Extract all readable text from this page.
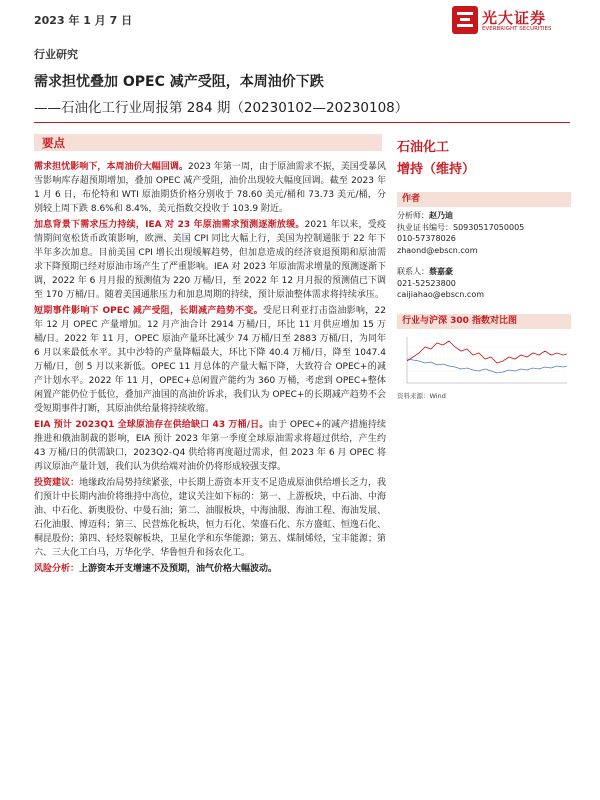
2023 年 1 月 7 日	光大证券
EVERBRIGHT SECURITIES
行业研究
需求担忧叠加 OPEC 减产受阻，本周油价下跌
——石油化工行业周报第 284 期（20230102—20230108）
要点

需求担忧影响下，本周油价大幅回调。2023 年第一周，由于原油需求不振，美国受暴风雪影响库存超预期增加，叠加 OPEC 减产受阻，油价出现较大幅度回调。截至 2023 年 1 月 6 日，布伦特和 WTI 原油期货价格分别收于 78.60 美元/桶和 73.73 美元/桶，分别较上周下跌 8.6%和 8.4%，美元指数交投收于 103.9 附近。

加息背景下需求压力持续，IEA 对 23 年原油需求预测逐渐放缓。2021 年以来，受疫情期间宽松货币政策影响，欧洲、美国 CPI 同比大幅上行，美国为控制通胀于 22 年下半年多次加息。目前美国 CPI 增长出现缓解趋势，但加息造成的经济衰退预期和原油需求下降预期已经对原油市场产生了严重影响。IEA 对 2023 年原油需求增量的预测逐渐下调，2022 年 6 月月报的预测值为 220 万桶/日，至 2022 年 12 月月报的预测值已下调至 170 万桶/日。随着美国通胀压力和加息周期的持续，预计原油整体需求将持续承压。

短期事件影响下 OPEC 减产受阻，长期减产趋势不变。受尼日利亚打击盗油影响，22 年 12 月 OPEC 产量增加。12 月产油合计 2914 万桶/日，环比 11 月供应增加 15 万桶/日。2022 年 11 月，OPEC 原油产量环比减少 74 万桶/日至 2883 万桶/日，为同年 6 月以来最低水平。其中沙特的产量降幅最大，环比下降 40.4 万桶/日，降至 1047.4 万桶/日，创 5 月以来新低。OPEC 11 月总体的产量大幅下降，大致符合 OPEC+的减产计划水平。2022 年 11 月，OPEC+总闲置产能约为 360 万桶，考虑到 OPEC+整体闲置产能仍位于低位，叠加产油国的高油价诉求，我们认为 OPEC+的长期减产趋势不会受短期事件打断，其原油供给量将持续收缩。

EIA 预计 2023Q1 全球原油存在供给缺口 43 万桶/日。由于 OPEC+的减产措施持续推进和俄油制裁的影响，EIA 预计 2023 年第一季度全球原油需求将超过供给，产生约 43 万桶/日的供需缺口，2023Q2-Q4 供给将再度超过需求，但 2023 年 6 月 OPEC 将再议原油产量计划，我们认为供给端对油价仍将形成较强支撑。

投资建议：地缘政治局势持续紧张，中长期上游资本开支不足造成原油供给增长乏力，我们预计中长期内油价将维持中高位，建议关注如下标的：第一、上游板块，中石油、中海油、中石化、新奥股份、中曼石油；第二、油服板块，中海油服、海油工程、海油发展、石化油服、博迈科；第三、民营炼化板块，恒力石化、荣盛石化、东方盛虹、恒逸石化、桐昆股份；第四、轻烃裂解板块，卫星化学和东华能源；第五、煤制烯烃，宝丰能源；第六、三大化工白马，万华化学、华鲁恒升和扬农化工。

风险分析：上游资本开支增速不及预期，油气价格大幅波动。

石油化工
增持（维持）
作者
分析师：赵乃迪
执业证书编号：S0930517050005
010-57378026
zhaond@ebscn.com
联系人：蔡嘉豪
021-52523800
caijiahao@ebscn.com
行业与沪深 300 指数对比图
资料来源：Wind
